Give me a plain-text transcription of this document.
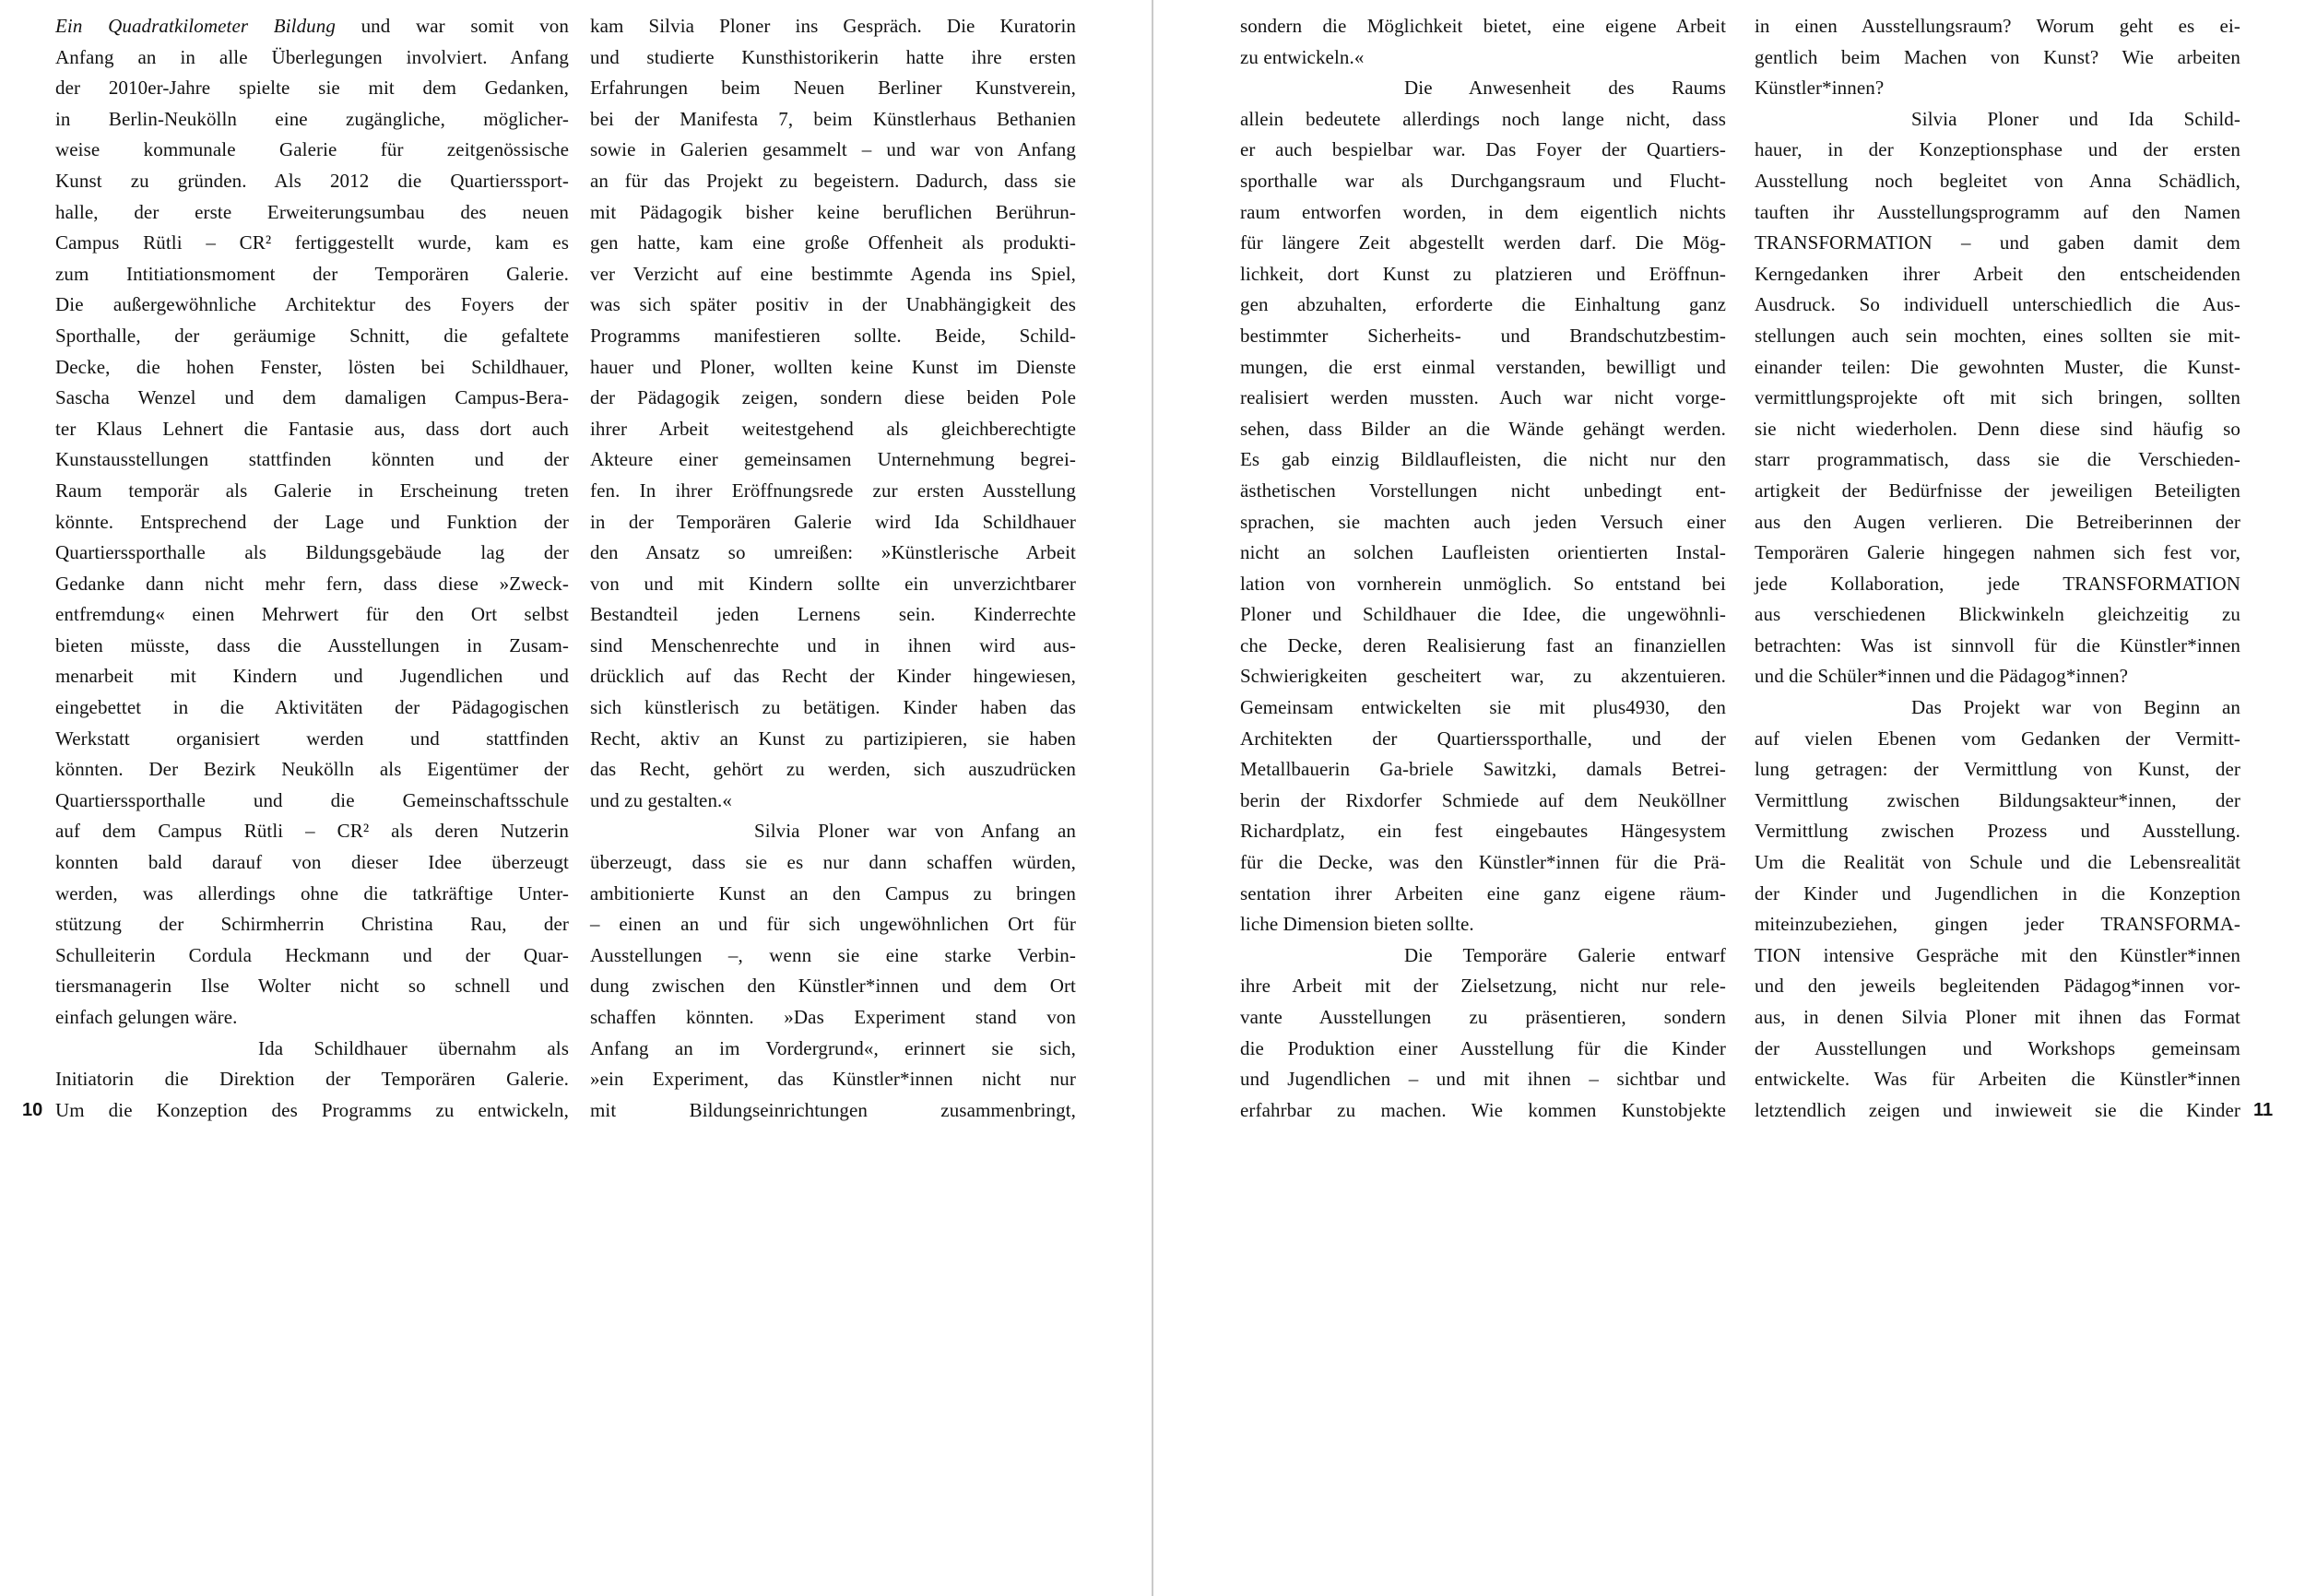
10
Ein Quadratkilometer Bildung und war somit von
Anfang an in alle Überlegungen involviert. Anfang
der 2010er-Jahre spielte sie mit dem Gedanken,
in Berlin-Neukölln eine zugängliche, möglicher-
weise kommunale Galerie für zeitgenössische
Kunst zu gründen. Als 2012 die Quartierssport-
halle, der erste Erweiterungsumbau des neuen
Campus Rütli – CR² fertiggestellt wurde, kam es
zum Intitiationsmoment der Temporären Galerie.
Die außergewöhnliche Architektur des Foyers der
Sporthalle, der geräumige Schnitt, die gefaltete
Decke, die hohen Fenster, lösten bei Schildhauer,
Sascha Wenzel und dem damaligen Campus-Bera-
ter Klaus Lehnert die Fantasie aus, dass dort auch
Kunstausstellungen stattfinden könnten und der
Raum temporär als Galerie in Erscheinung treten
könnte. Entsprechend der Lage und Funktion der
Quartierssporthalle als Bildungsgebäude lag der
Gedanke dann nicht mehr fern, dass diese »Zweck-
entfremdung« einen Mehrwert für den Ort selbst
bieten müsste, dass die Ausstellungen in Zusam-
menarbeit mit Kindern und Jugendlichen und
eingebettet in die Aktivitäten der Pädagogischen
Werkstatt organisiert werden und stattfinden
könnten. Der Bezirk Neukölln als Eigentümer der
Quartierssporthalle und die Gemeinschaftsschule
auf dem Campus Rütli – CR² als deren Nutzerin
konnten bald darauf von dieser Idee überzeugt
werden, was allerdings ohne die tatkräftige Unter-
stützung der Schirmherrin Christina Rau, der
Schulleiterin Cordula Heckmann und der Quar-
tiersmanagerin Ilse Wolter nicht so schnell und
einfach gelungen wäre.
Ida Schildhauer übernahm als
Initiatorin die Direktion der Temporären Galerie.
Um die Konzeption des Programms zu entwickeln,
kam Silvia Ploner ins Gespräch. Die Kuratorin
und studierte Kunsthistorikerin hatte ihre ersten
Erfahrungen beim Neuen Berliner Kunstverein,
bei der Manifesta 7, beim Künstlerhaus Bethanien
sowie in Galerien gesammelt – und war von Anfang
an für das Projekt zu begeistern. Dadurch, dass sie
mit Pädagogik bisher keine beruflichen Berührun-
gen hatte, kam eine große Offenheit als produkti-
ver Verzicht auf eine bestimmte Agenda ins Spiel,
was sich später positiv in der Unabhängigkeit des
Programms manifestieren sollte. Beide, Schild-
hauer und Ploner, wollten keine Kunst im Dienste
der Pädagogik zeigen, sondern diese beiden Pole
ihrer Arbeit weitestgehend als gleichberechtigte
Akteure einer gemeinsamen Unternehmung begrei-
fen. In ihrer Eröffnungsrede zur ersten Ausstellung
in der Temporären Galerie wird Ida Schildhauer
den Ansatz so umreißen: »Künstlerische Arbeit
von und mit Kindern sollte ein unverzichtbarer
Bestandteil jeden Lernens sein. Kinderrechte
sind Menschenrechte und in ihnen wird aus-
drücklich auf das Recht der Kinder hingewiesen,
sich künstlerisch zu betätigen. Kinder haben das
Recht, aktiv an Kunst zu partizipieren, sie haben
das Recht, gehört zu werden, sich auszudrücken
und zu gestalten.«
Silvia Ploner war von Anfang an
überzeugt, dass sie es nur dann schaffen würden,
ambitionierte Kunst an den Campus zu bringen
– einen an und für sich ungewöhnlichen Ort für
Ausstellungen –, wenn sie eine starke Verbin-
dung zwischen den Künstler*innen und dem Ort
schaffen könnten. »Das Experiment stand von
Anfang an im Vordergrund«, erinnert sie sich,
»ein Experiment, das Künstler*innen nicht nur
mit Bildungseinrichtungen zusammenbringt,
sondern die Möglichkeit bietet, eine eigene Arbeit
zu entwickeln.«
Die Anwesenheit des Raums
allein bedeutete allerdings noch lange nicht, dass
er auch bespielbar war. Das Foyer der Quartiers-
sporthalle war als Durchgangsraum und Flucht-
raum entworfen worden, in dem eigentlich nichts
für längere Zeit abgestellt werden darf. Die Mög-
lichkeit, dort Kunst zu platzieren und Eröffnun-
gen abzuhalten, erforderte die Einhaltung ganz
bestimmter Sicherheits- und Brandschutzbestim-
mungen, die erst einmal verstanden, bewilligt und
realisiert werden mussten. Auch war nicht vorge-
sehen, dass Bilder an die Wände gehängt werden.
Es gab einzig Bildlaufleisten, die nicht nur den
ästhetischen Vorstellungen nicht unbedingt ent-
sprachen, sie machten auch jeden Versuch einer
nicht an solchen Laufleisten orientierten Instal-
lation von vornherein unmöglich. So entstand bei
Ploner und Schildhauer die Idee, die ungewöhnli-
che Decke, deren Realisierung fast an finanziellen
Schwierigkeiten gescheitert war, zu akzentuieren.
Gemeinsam entwickelten sie mit plus4930, den
Architekten der Quartierssporthalle, und der
Metallbauerin Ga-briele Sawitzki, damals Betrei-
berin der Rixdorfer Schmiede auf dem Neuköllner
Richardplatz, ein fest eingebautes Hängesystem
für die Decke, was den Künstler*innen für die Prä-
sentation ihrer Arbeiten eine ganz eigene räum-
liche Dimension bieten sollte.
Die Temporäre Galerie entwarf
ihre Arbeit mit der Zielsetzung, nicht nur rele-
vante Ausstellungen zu präsentieren, sondern
die Produktion einer Ausstellung für die Kinder
und Jugendlichen – und mit ihnen – sichtbar und
erfahrbar zu machen. Wie kommen Kunstobjekte
in einen Ausstellungsraum? Worum geht es ei-
gentlich beim Machen von Kunst? Wie arbeiten
Künstler*innen?
Silvia Ploner und Ida Schild-
hauer, in der Konzeptionsphase und der ersten
Ausstellung noch begleitet von Anna Schädlich,
tauften ihr Ausstellungsprogramm auf den Namen
TRANSFORMATION – und gaben damit dem
Kerngedanken ihrer Arbeit den entscheidenden
Ausdruck. So individuell unterschiedlich die Aus-
stellungen auch sein mochten, eines sollten sie mit-
einander teilen: Die gewohnten Muster, die Kunst-
vermittlungsprojekte oft mit sich bringen, sollten
sie nicht wiederholen. Denn diese sind häufig so
starr programmatisch, dass sie die Verschieden-
artigkeit der Bedürfnisse der jeweiligen Beteiligten
aus den Augen verlieren. Die Betreiberinnen der
Temporären Galerie hingegen nahmen sich fest vor,
jede Kollaboration, jede TRANSFORMATION
aus verschiedenen Blickwinkeln gleichzeitig zu
betrachten: Was ist sinnvoll für die Künstler*innen
und die Schüler*innen und die Pädagog*innen?
Das Projekt war von Beginn an
auf vielen Ebenen vom Gedanken der Vermitt-
lung getragen: der Vermittlung von Kunst, der
Vermittlung zwischen Bildungsakteur*innen, der
Vermittlung zwischen Prozess und Ausstellung.
Um die Realität von Schule und die Lebensrealität
der Kinder und Jugendlichen in die Konzeption
miteinzubeziehen, gingen jeder TRANSFORMA-
TION intensive Gespräche mit den Künstler*innen
und den jeweils begleitenden Pädagog*innen vor-
aus, in denen Silvia Ploner mit ihnen das Format
der Ausstellungen und Workshops gemeinsam
entwickelte. Was für Arbeiten die Künstler*innen
letztendlich zeigen und inwieweit sie die Kinder 11
